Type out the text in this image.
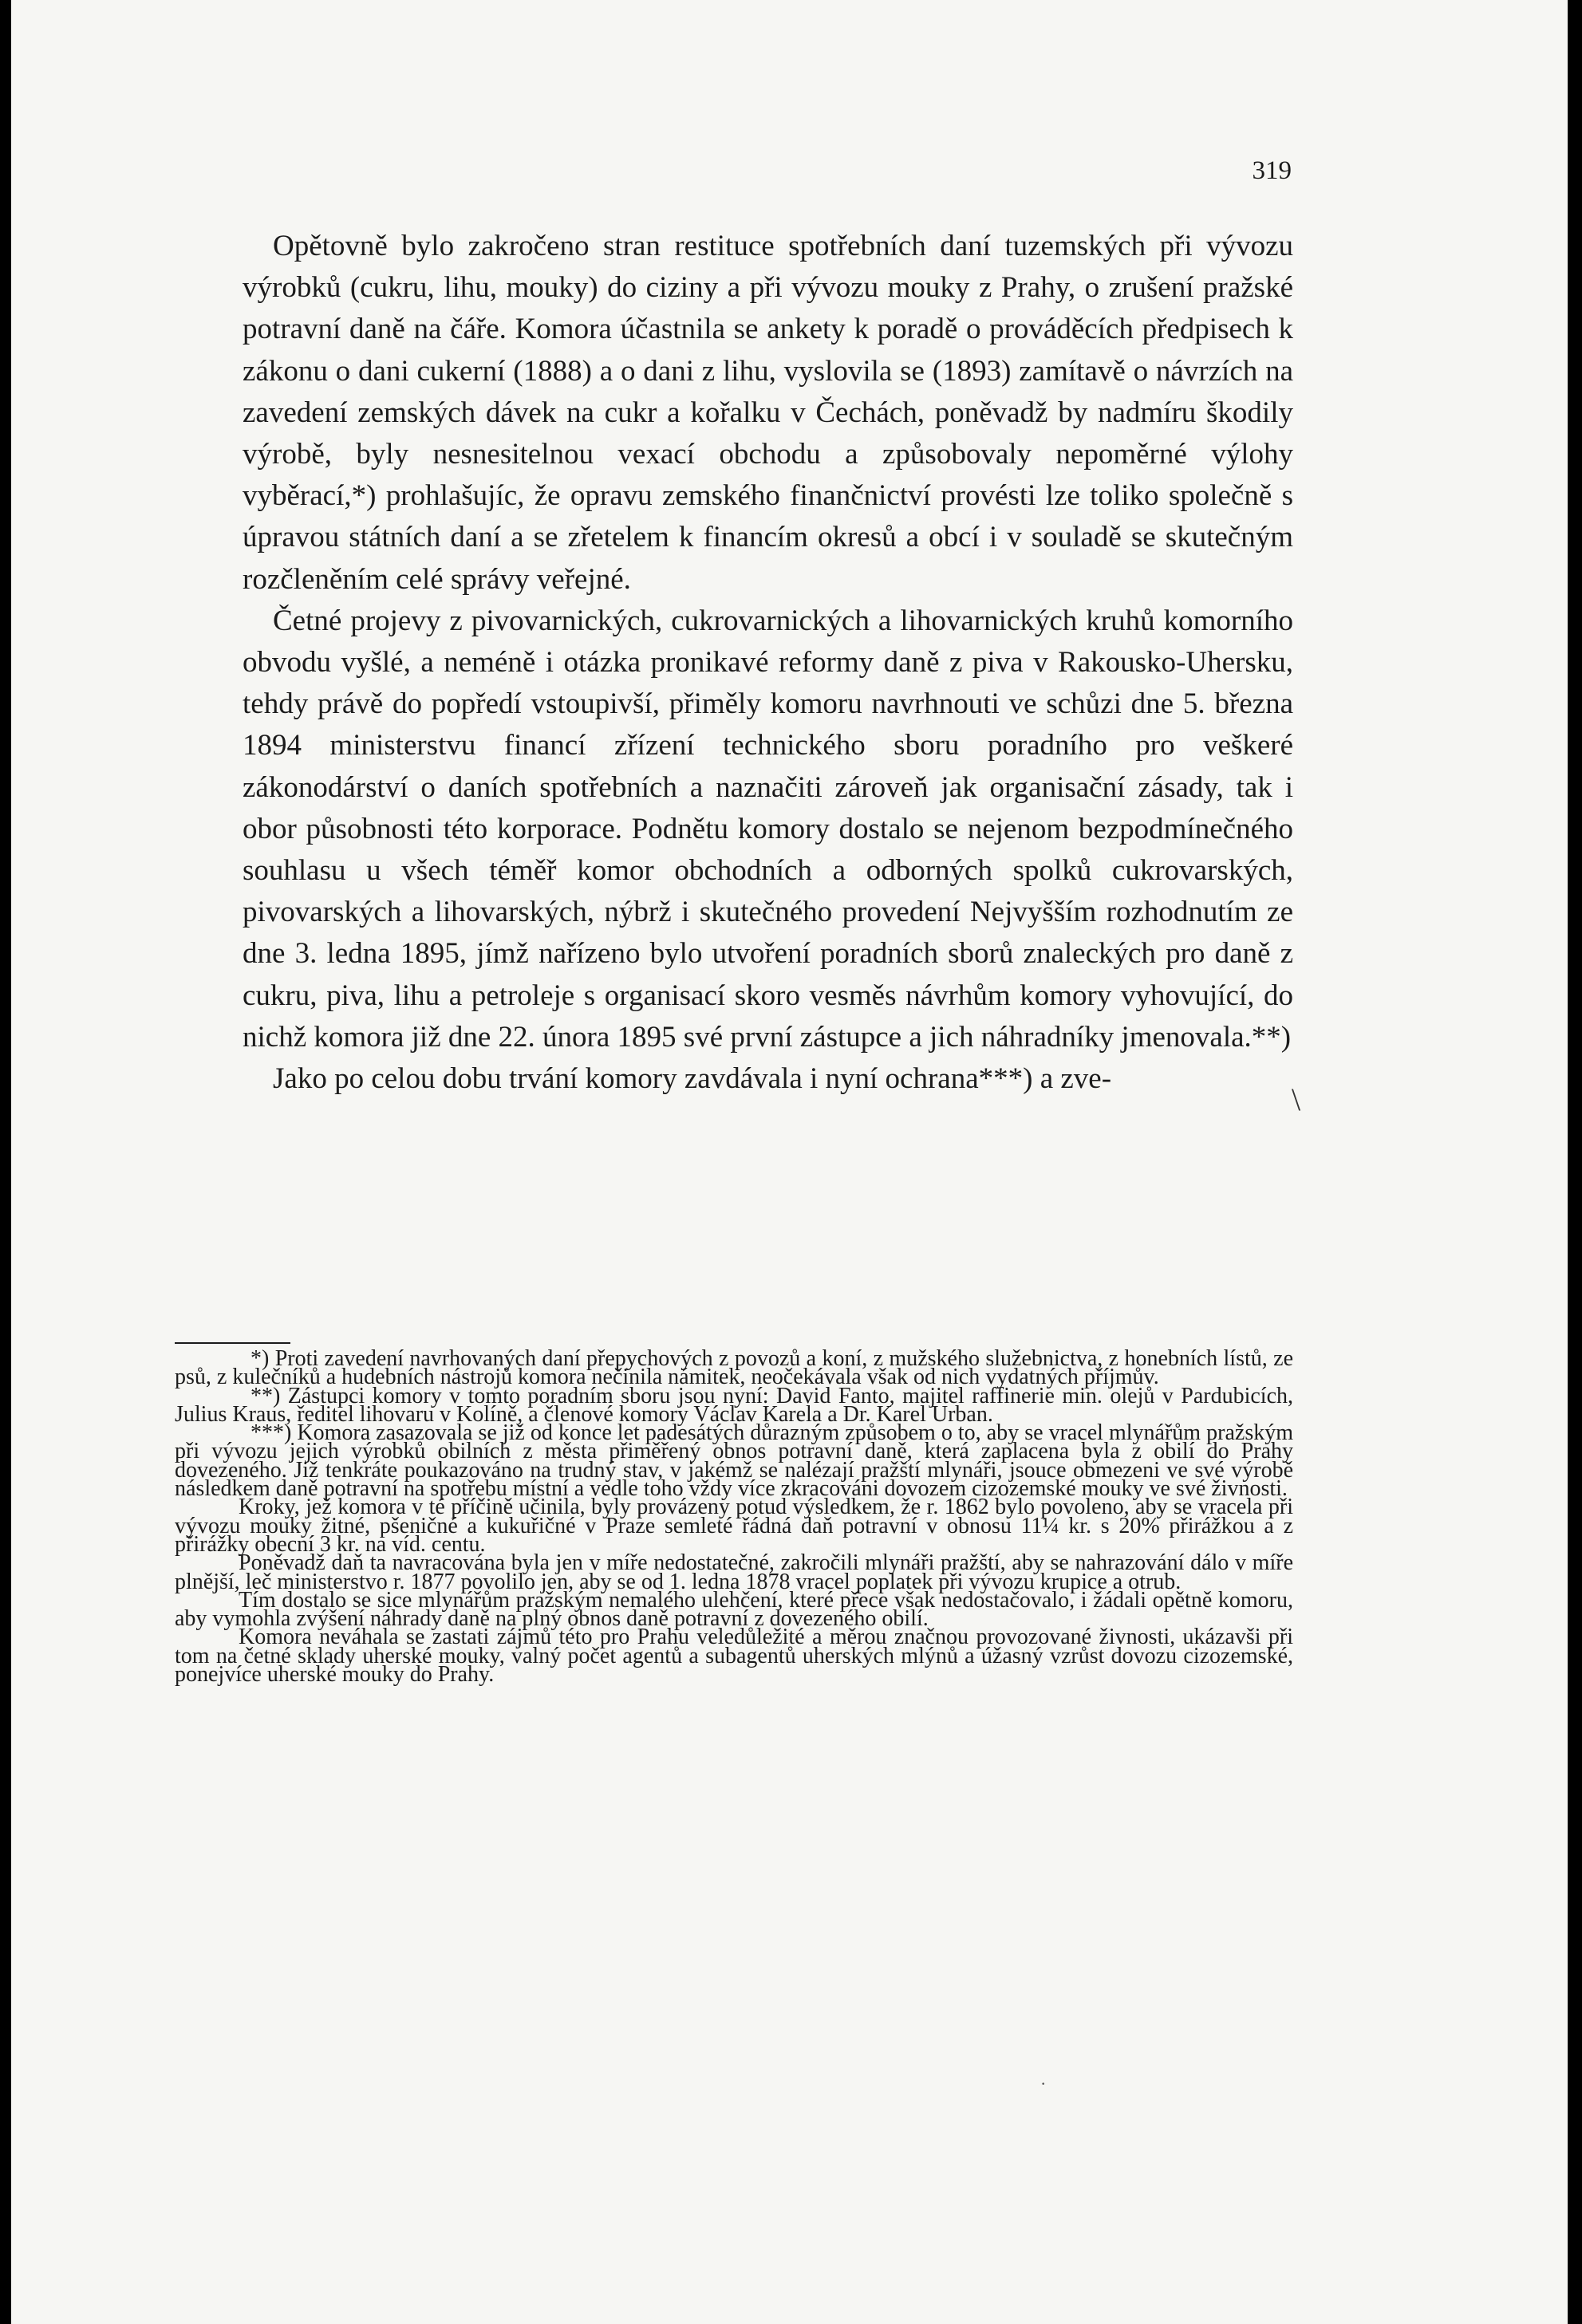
319

Opětovně bylo zakročeno stran restituce spotřebních daní tuzemských při vývozu výrobků (cukru, lihu, mouky) do ciziny a při vývozu mouky z Prahy, o zrušení pražské potravní daně na čáře. Komora účastnila se ankety k poradě o prováděcích předpisech k zákonu o dani cukerní (1888) a o dani z lihu, vyslovila se (1893) zamítavě o návrzích na zavedení zemských dávek na cukr a kořalku v Čechách, poněvadž by nadmíru škodily výrobě, byly nesnesitelnou vexací obchodu a způsobovaly nepoměrné výlohy vyběrací,*) prohlašujíc, že opravu zemského finančnictví provésti lze toliko společně s úpravou státních daní a se zřetelem k financím okresů a obcí i v souladě se skutečným rozčleněním celé správy veřejné.

Četné projevy z pivovarnických, cukrovarnických a lihovarnických kruhů komorního obvodu vyšlé, a neméně i otázka pronikavé reformy daně z piva v Rakousko-Uhersku, tehdy právě do popředí vstoupivší, přiměly komoru navrhnouti ve schůzi dne 5. března 1894 ministerstvu financí zřízení technického sboru poradního pro veškeré zákonodárství o daních spotřebních a naznačiti zároveň jak organisační zásady, tak i obor působnosti této korporace. Podnětu komory dostalo se nejenom bezpodmínečného souhlasu u všech téměř komor obchodních a odborných spolků cukrovarských, pivovarských a lihovarských, nýbrž i skutečného provedení Nejvyšším rozhodnutím ze dne 3. ledna 1895, jímž nařízeno bylo utvoření poradních sborů znaleckých pro daně z cukru, piva, lihu a petroleje s organisací skoro vesměs návrhům komory vyhovující, do nichž komora již dne 22. února 1895 své první zástupce a jich náhradníky jmenovala.**)

Jako po celou dobu trvání komory zavdávala i nyní ochrana***) a zve-

*) Proti zavedení navrhovaných daní přepychových z povozů a koní, z mužského služebnictva, z honebních lístů, ze psů, z kulečníků a hudebních nástrojů komora nečinila námitek, neočekávala však od nich vydatných příjmův.

**) Zástupci komory v tomto poradním sboru jsou nyní: David Fanto, majitel raffinerie min. olejů v Pardubicích, Julius Kraus, ředitel lihovaru v Kolíně, a členové komory Václav Karela a Dr. Karel Urban.

***) Komora zasazovala se již od konce let padesátých důrazným způsobem o to, aby se vracel mlynářům pražským při vývozu jejich výrobků obilních z města přiměřený obnos potravní daně, která zaplacena byla z obilí do Prahy dovezeného. Již tenkráte poukazováno na trudný stav, v jakémž se nalézají pražští mlynáři, jsouce obmezeni ve své výrobě následkem daně potravní na spotřebu místní a vedle toho vždy více zkracováni dovozem cizozemské mouky ve své živnosti.

Kroky, jež komora v té příčině učinila, byly provázeny potud výsledkem, že r. 1862 bylo povoleno, aby se vracela při vývozu mouky žitné, pšeničné a kukuřičné v Praze semleté řádná daň potravní v obnosu 11¼ kr. s 20% přirážkou a z přirážky obecní 3 kr. na víd. centu.

Poněvadž daň ta navracována byla jen v míře nedostatečné, zakročili mlynáři pražští, aby se nahrazování dálo v míře plnější, leč ministerstvo r. 1877 povolilo jen, aby se od 1. ledna 1878 vracel poplatek při vývozu krupice a otrub.

Tím dostalo se sice mlynářům pražským nemalého ulehčení, které přece však nedostačovalo, i žádali opětně komoru, aby vymohla zvýšení náhrady daně na plný obnos daně potravní z dovezeného obilí.

Komora neváhala se zastati zájmů této pro Prahu veledůležité a měrou značnou provozované živnosti, ukázavši při tom na četné sklady uherské mouky, valný počet agentů a subagentů uherských mlýnů a úžasný vzrůst dovozu cizozemské, ponejvíce uherské mouky do Prahy.

\
·
